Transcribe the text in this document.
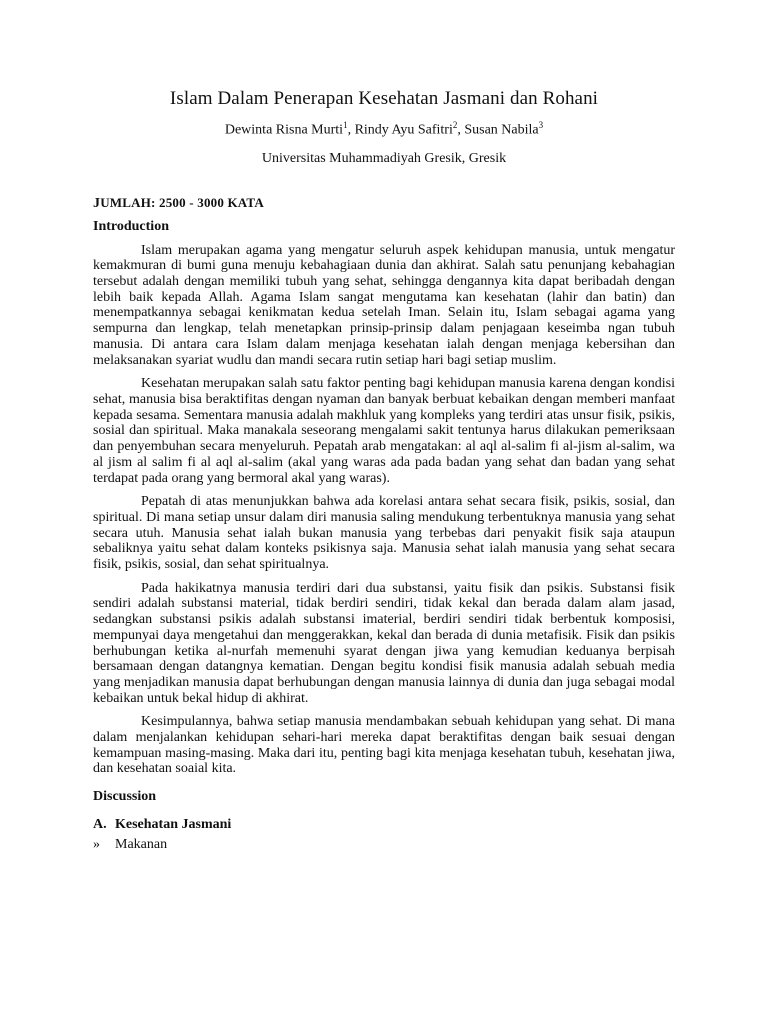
Islam Dalam Penerapan Kesehatan Jasmani dan Rohani

Dewinta Risna Murti$^1$, Rindy Ayu Safitri$^2$, Susan Nabila$^3$

Universitas Muhammadiyah Gresik, Gresik

JUMLAH: 2500 - 3000 KATA

Introduction

Islam merupakan agama yang mengatur seluruh aspek kehidupan manusia, untuk mengatur kemakmuran di bumi guna menuju kebahagiaan dunia dan akhirat. Salah satu penunjang kebahagian tersebut adalah dengan memiliki tubuh yang sehat, sehingga dengannya kita dapat beribadah dengan lebih baik kepada Allah. Agama Islam sangat mengutama kan kesehatan (lahir dan batin) dan menempatkannya sebagai kenikmatan kedua setelah Iman. Selain itu, Islam sebagai agama yang sempurna dan lengkap, telah menetapkan prinsip-prinsip dalam penjagaan keseimba ngan tubuh manusia. Di antara cara Islam dalam menjaga kesehatan ialah dengan menjaga kebersihan dan melaksanakan syariat wudlu dan mandi secara rutin setiap hari bagi setiap muslim.

Kesehatan merupakan salah satu faktor penting bagi kehidupan manusia karena dengan kondisi sehat, manusia bisa beraktifitas dengan nyaman dan banyak berbuat kebaikan dengan memberi manfaat kepada sesama. Sementara manusia adalah makhluk yang kompleks yang terdiri atas unsur fisik, psikis, sosial dan spiritual. Maka manakala seseorang mengalami sakit tentunya harus dilakukan pemeriksaan dan penyembuhan secara menyeluruh. Pepatah arab mengatakan: al aql al-salim fi al-jism al-salim, wa al jism al salim fi al aql al-salim (akal yang waras ada pada badan yang sehat dan badan yang sehat terdapat pada orang yang bermoral akal yang waras).

Pepatah di atas menunjukkan bahwa ada korelasi antara sehat secara fisik, psikis, sosial, dan spiritual. Di mana setiap unsur dalam diri manusia saling mendukung terbentuknya manusia yang sehat secara utuh. Manusia sehat ialah bukan manusia yang terbebas dari penyakit fisik saja ataupun sebaliknya yaitu sehat dalam konteks psikisnya saja. Manusia sehat ialah manusia yang sehat secara fisik, psikis, sosial, dan sehat spiritualnya.

Pada hakikatnya manusia terdiri dari dua substansi, yaitu fisik dan psikis. Substansi fisik sendiri adalah substansi material, tidak berdiri sendiri, tidak kekal dan berada dalam alam jasad, sedangkan substansi psikis adalah substansi imaterial, berdiri sendiri tidak berbentuk komposisi, mempunyai daya mengetahui dan menggerakkan, kekal dan berada di dunia metafisik. Fisik dan psikis berhubungan ketika al-nurfah memenuhi syarat dengan jiwa yang kemudian keduanya berpisah bersamaan dengan datangnya kematian. Dengan begitu kondisi fisik manusia adalah sebuah media yang menjadikan manusia dapat berhubungan dengan manusia lainnya di dunia dan juga sebagai modal kebaikan untuk bekal hidup di akhirat.

Kesimpulannya, bahwa setiap manusia mendambakan sebuah kehidupan yang sehat. Di mana dalam menjalankan kehidupan sehari-hari mereka dapat beraktifitas dengan baik sesuai dengan kemampuan masing-masing. Maka dari itu, penting bagi kita menjaga kesehatan tubuh, kesehatan jiwa, dan kesehatan soaial kita.

Discussion

A. Kesehatan Jasmani

»	Makanan
